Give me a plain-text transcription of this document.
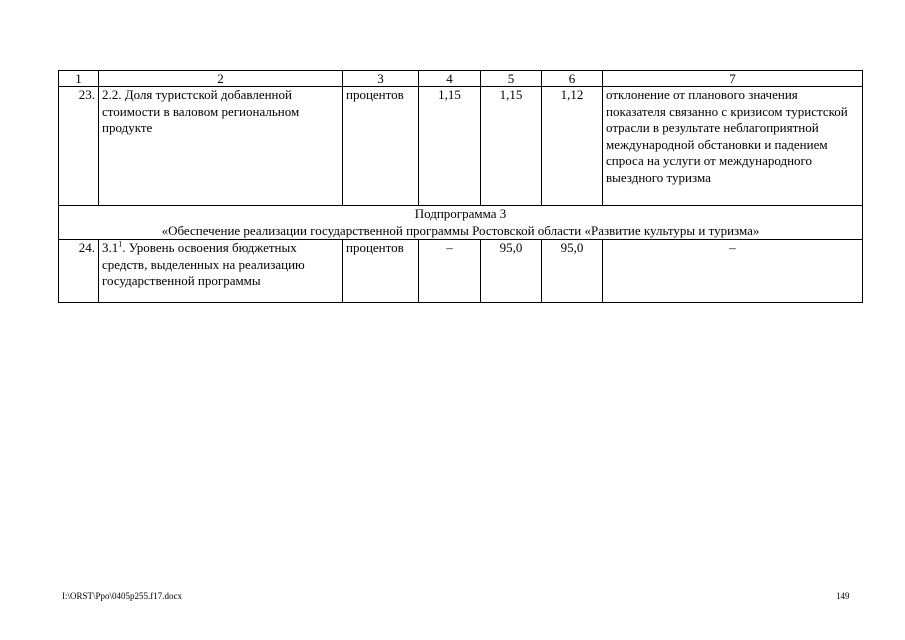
1	2	3	4	5	6	7
23.	2.2. Доля туристской добавленной стоимости в валовом региональном продукте	процентов	1,15	1,15	1,12	отклонение от планового значения показателя связанно с кризисом туристской отрасли в результате неблагоприятной международной обстановки и падением спроса на услуги от международного выездного туризма

Подпрограмма 3
«Обеспечение реализации государственной программы Ростовской области «Развитие культуры и туризма»						

24.	$3.1^1$. Уровень освоения бюджетных средств, выделенных на реализацию государственной программы	процентов	–	95,0	95,0	–
I:\ORST\Ppo\0405p255.f17.docx	149
